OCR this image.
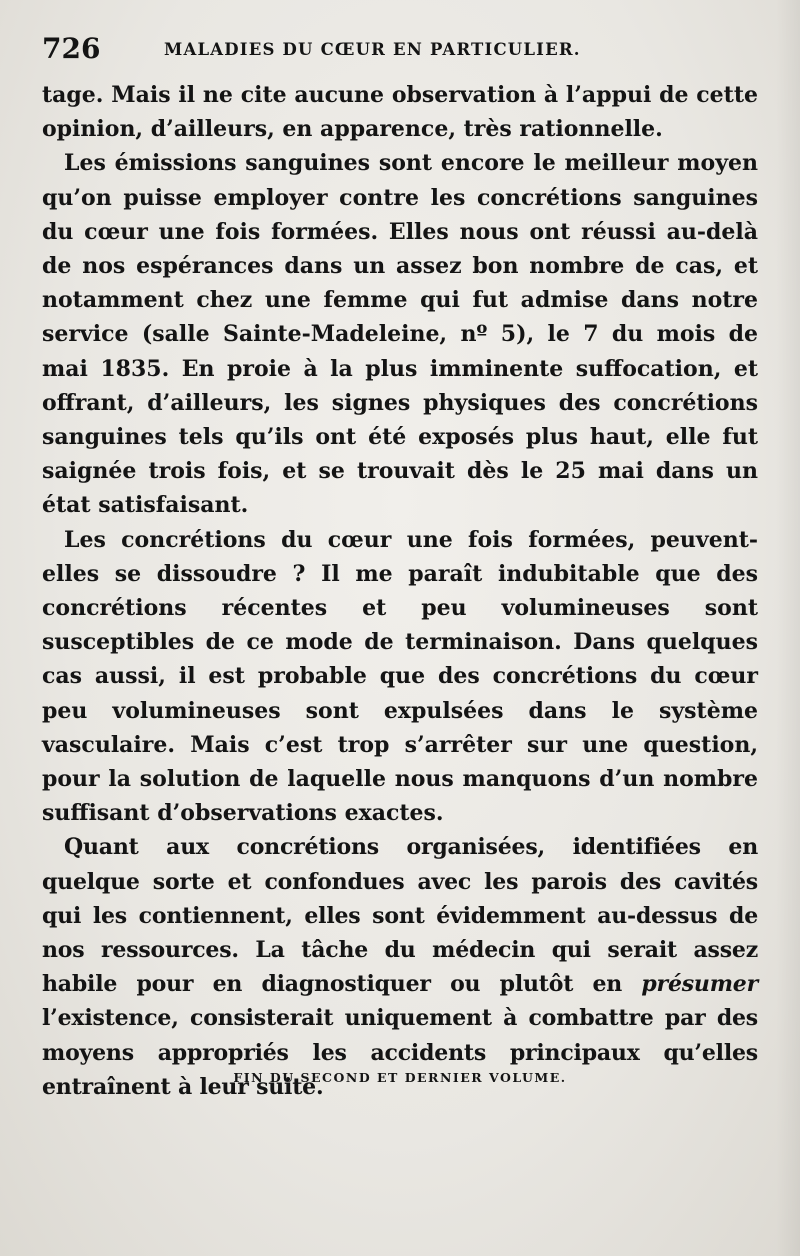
726	MALADIES DU CŒUR EN PARTICULIER.

tage. Mais il ne cite aucune observation à l’appui de cette opinion, d’ailleurs, en apparence, très rationnelle.

Les émissions sanguines sont encore le meilleur moyen qu’on puisse employer contre les concrétions sanguines du cœur une fois formées. Elles nous ont réussi au-delà de nos espérances dans un assez bon nombre de cas, et notamment chez une femme qui fut admise dans notre service (salle Sainte-Madeleine, nº 5), le 7 du mois de mai 1835. En proie à la plus imminente suffocation, et offrant, d’ailleurs, les signes physiques des concrétions sanguines tels qu’ils ont été exposés plus haut, elle fut saignée trois fois, et se trouvait dès le 25 mai dans un état satisfaisant.

Les concrétions du cœur une fois formées, peuvent-elles se dissoudre ? Il me paraît indubitable que des concrétions récentes et peu volumineuses sont susceptibles de ce mode de terminaison. Dans quelques cas aussi, il est probable que des concrétions du cœur peu volumineuses sont expulsées dans le système vasculaire. Mais c’est trop s’arrêter sur une question, pour la solution de laquelle nous manquons d’un nombre suffisant d’observations exactes.

Quant aux concrétions organisées, identifiées en quelque sorte et confondues avec les parois des cavités qui les contiennent, elles sont évidemment au-dessus de nos ressources. La tâche du médecin qui serait assez habile pour en diagnostiquer ou plutôt en présumer l’existence, consisterait uniquement à combattre par des moyens appropriés les accidents principaux qu’elles entraînent à leur suite.

FIN DU SECOND ET DERNIER VOLUME.
